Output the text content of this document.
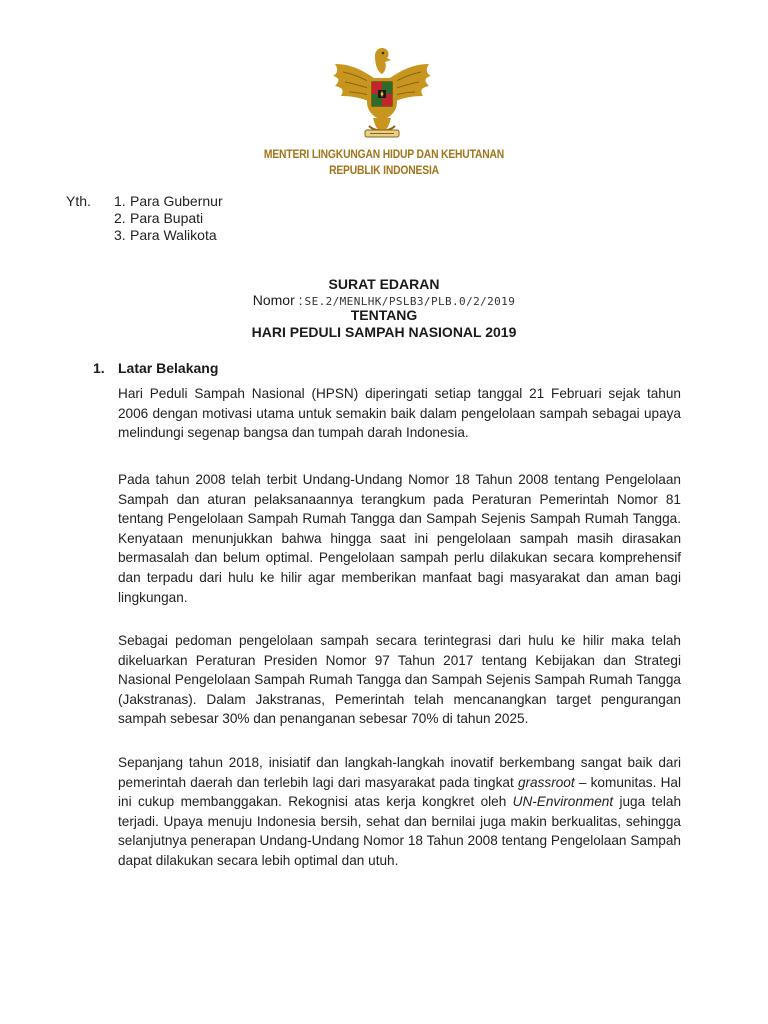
MENTERI LINGKUNGAN HIDUP DAN KEHUTANAN
REPUBLIK INDONESIA
Yth. 1. Para Gubernur
2. Para Bupati
3. Para Walikota
SURAT EDARAN
Nomor : SE.2/MENLHK/PSLB3/PLB.0/2/2019
TENTANG
HARI PEDULI SAMPAH NASIONAL 2019
1. Latar Belakang

Hari Peduli Sampah Nasional (HPSN) diperingati setiap tanggal 21 Februari sejak tahun 2006 dengan motivasi utama untuk semakin baik dalam pengelolaan sampah sebagai upaya melindungi segenap bangsa dan tumpah darah Indonesia.

Pada tahun 2008 telah terbit Undang-Undang Nomor 18 Tahun 2008 tentang Pengelolaan Sampah dan aturan pelaksanaannya terangkum pada Peraturan Pemerintah Nomor 81 tentang Pengelolaan Sampah Rumah Tangga dan Sampah Sejenis Sampah Rumah Tangga. Kenyataan menunjukkan bahwa hingga saat ini pengelolaan sampah masih dirasakan bermasalah dan belum optimal. Pengelolaan sampah perlu dilakukan secara komprehensif dan terpadu dari hulu ke hilir agar memberikan manfaat bagi masyarakat dan aman bagi lingkungan.

Sebagai pedoman pengelolaan sampah secara terintegrasi dari hulu ke hilir maka telah dikeluarkan Peraturan Presiden Nomor 97 Tahun 2017 tentang Kebijakan dan Strategi Nasional Pengelolaan Sampah Rumah Tangga dan Sampah Sejenis Sampah Rumah Tangga (Jakstranas). Dalam Jakstranas, Pemerintah telah mencanangkan target pengurangan sampah sebesar 30% dan penanganan sebesar 70% di tahun 2025.

Sepanjang tahun 2018, inisiatif dan langkah-langkah inovatif berkembang sangat baik dari pemerintah daerah dan terlebih lagi dari masyarakat pada tingkat grassroot – komunitas. Hal ini cukup membanggakan. Rekognisi atas kerja kongkret oleh UN-Environment juga telah terjadi. Upaya menuju Indonesia bersih, sehat dan bernilai juga makin berkualitas, sehingga selanjutnya penerapan Undang-Undang Nomor 18 Tahun 2008 tentang Pengelolaan Sampah dapat dilakukan secara lebih optimal dan utuh.
